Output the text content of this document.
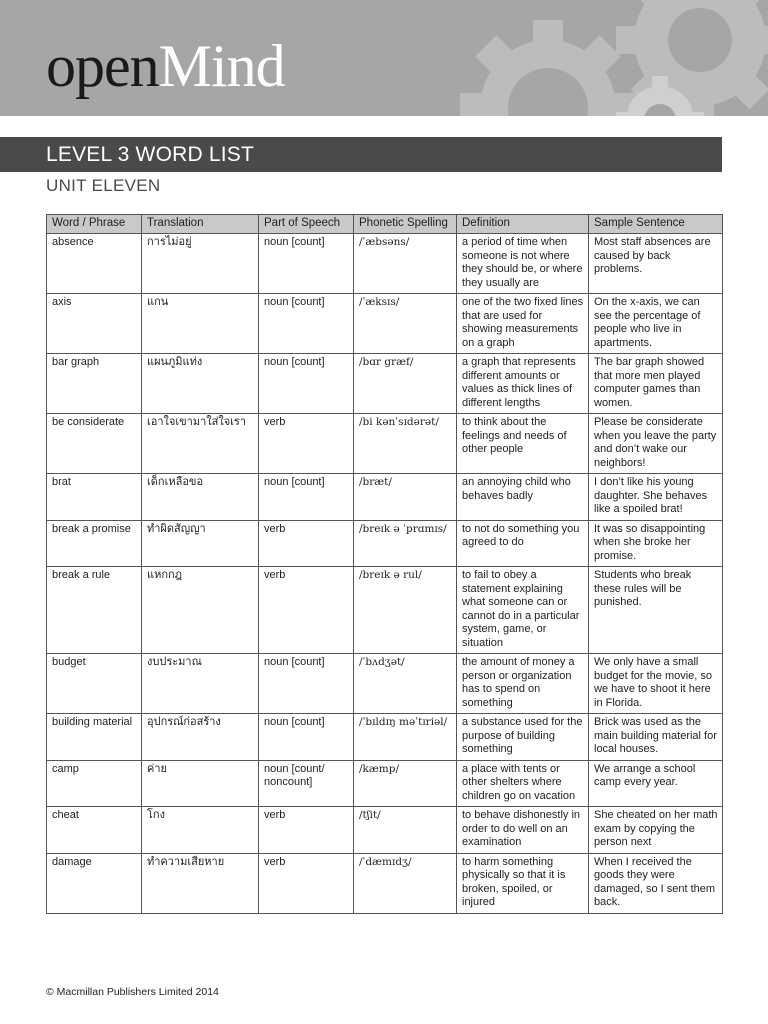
openMind
LEVEL 3 WORD LIST
UNIT ELEVEN
Word / Phrase	Translation	Part of Speech	Phonetic Spelling	Definition	Sample Sentence
absence	การไม่อยู่	noun [count]	/ˈæbsəns/	a period of time when someone is not where they should be, or where they usually are	Most staff absences are caused by back problems.
axis	แกน	noun [count]	/ˈæksɪs/	one of the two fixed lines that are used for showing measurements on a graph	On the x-axis, we can see the percentage of people who live in apartments.
bar graph	แผนภูมิแท่ง	noun [count]	/bɑr græf/	a graph that represents different amounts or values as thick lines of different lengths	The bar graph showed that more men played computer games than women.
be considerate	เอาใจเขามาใส่ใจเรา	verb	/bi kənˈsɪdərət/	to think about the feelings and needs of other people	Please be considerate when you leave the party and don’t wake our neighbors!
brat	เด็กเหลือขอ	noun [count]	/bræt/	an annoying child who behaves badly	I don’t like his young daughter. She behaves like a spoiled brat!
break a promise	ทำผิดสัญญา	verb	/breɪk ə ˈprɑmɪs/	to not do something you agreed to do	It was so disappointing when she broke her promise.
break a rule	แหกกฎ	verb	/breɪk ə rul/	to fail to obey a statement explaining what someone can or cannot do in a particular system, game, or situation	Students who break these rules will be punished.
budget	งบประมาณ	noun [count]	/ˈbʌdʒət/	the amount of money a person or organization has to spend on something	We only have a small budget for the movie, so we have to shoot it here in Florida.
building material	อุปกรณ์ก่อสร้าง	noun [count]	/ˈbɪldɪŋ məˈtɪriəl/	a substance used for the purpose of building something	Brick was used as the main building material for local houses.
camp	ค่าย	noun [count/ noncount]	/kæmp/	a place with tents or other shelters where children go on vacation	We arrange a school camp every year.
cheat	โกง	verb	/tʃit/	to behave dishonestly in order to do well on an examination	She cheated on her math exam by copying the person next
damage	ทำความเสียหาย	verb	/ˈdæmɪdʒ/	to harm something physically so that it is broken, spoiled, or injured	When I received the goods they were damaged, so I sent them back.
© Macmillan Publishers Limited 2014
